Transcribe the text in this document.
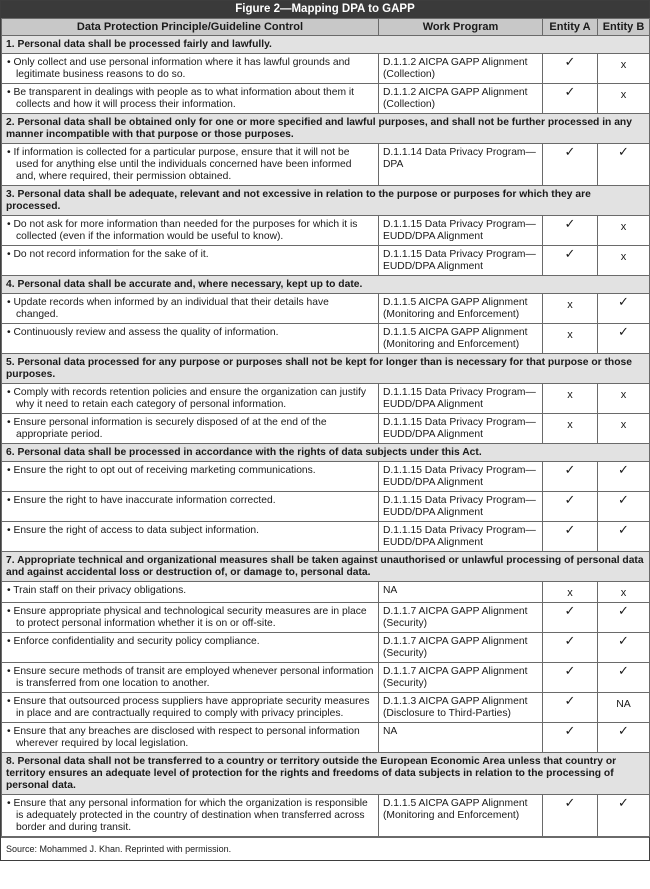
Figure 2—Mapping DPA to GAPP
Data Protection Principle/Guideline Control	Work Program	Entity A	Entity B
1. Personal data shall be processed fairly and lawfully.			
• Only collect and use personal information where it has lawful grounds and legitimate business reasons to do so.	D.1.1.2 AICPA GAPP Alignment (Collection)	✓	x
• Be transparent in dealings with people as to what information about them it collects and how it will process their information.	D.1.1.2 AICPA GAPP Alignment (Collection)	✓	x
2. Personal data shall be obtained only for one or more specified and lawful purposes, and shall not be further processed in any manner incompatible with that purpose or those purposes.			
• If information is collected for a particular purpose, ensure that it will not be used for anything else until the individuals concerned have been informed and, where required, their permission obtained.	D.1.1.14 Data Privacy Program—DPA	✓	✓
3. Personal data shall be adequate, relevant and not excessive in relation to the purpose or purposes for which they are processed.			
• Do not ask for more information than needed for the purposes for which it is collected (even if the information would be useful to know).	D.1.1.15 Data Privacy Program—EUDD/DPA Alignment	✓	x
• Do not record information for the sake of it.	D.1.1.15 Data Privacy Program—EUDD/DPA Alignment	✓	x
4. Personal data shall be accurate and, where necessary, kept up to date.			
• Update records when informed by an individual that their details have changed.	D.1.1.5 AICPA GAPP Alignment (Monitoring and Enforcement)	x	✓
• Continuously review and assess the quality of information.	D.1.1.5 AICPA GAPP Alignment (Monitoring and Enforcement)	x	✓
5. Personal data processed for any purpose or purposes shall not be kept for longer than is necessary for that purpose or those purposes.			
• Comply with records retention policies and ensure the organization can justify why it need to retain each category of personal information.	D.1.1.15 Data Privacy Program—EUDD/DPA Alignment	x	x
• Ensure personal information is securely disposed of at the end of the appropriate period.	D.1.1.15 Data Privacy Program—EUDD/DPA Alignment	x	x
6. Personal data shall be processed in accordance with the rights of data subjects under this Act.			
• Ensure the right to opt out of receiving marketing communications.	D.1.1.15 Data Privacy Program—EUDD/DPA Alignment	✓	✓
• Ensure the right to have inaccurate information corrected.	D.1.1.15 Data Privacy Program—EUDD/DPA Alignment	✓	✓
• Ensure the right of access to data subject information.	D.1.1.15 Data Privacy Program—EUDD/DPA Alignment	✓	✓
7. Appropriate technical and organizational measures shall be taken against unauthorised or unlawful processing of personal data and against accidental loss or destruction of, or damage to, personal data.			
• Train staff on their privacy obligations.	NA	x	x
• Ensure appropriate physical and technological security measures are in place to protect personal information whether it is on or off-site.	D.1.1.7 AICPA GAPP Alignment (Security)	✓	✓
• Enforce confidentiality and security policy compliance.	D.1.1.7 AICPA GAPP Alignment (Security)	✓	✓
• Ensure secure methods of transit are employed whenever personal information is transferred from one location to another.	D.1.1.7 AICPA GAPP Alignment (Security)	✓	✓
• Ensure that outsourced process suppliers have appropriate security measures in place and are contractually required to comply with privacy principles.	D.1.1.3 AICPA GAPP Alignment (Disclosure to Third-Parties)	✓	NA
• Ensure that any breaches are disclosed with respect to personal information wherever required by local legislation.	NA	✓	✓
8. Personal data shall not be transferred to a country or territory outside the European Economic Area unless that country or territory ensures an adequate level of protection for the rights and freedoms of data subjects in relation to the processing of personal data.			
• Ensure that any personal information for which the organization is responsible is adequately protected in the country of destination when transferred across border and during transit.	D.1.1.5 AICPA GAPP Alignment (Monitoring and Enforcement)	✓	✓
Source: Mohammed J. Khan. Reprinted with permission.
